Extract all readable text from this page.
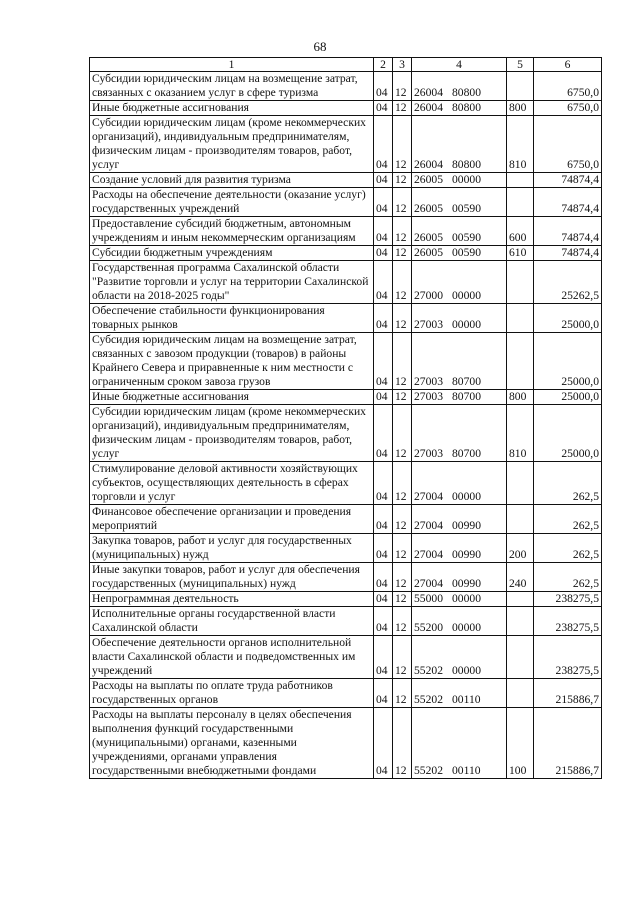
68
1	2	3	4	5	6
Субсидии юридическим лицам на возмещение затрат, связанных с оказанием услуг в сфере туризма	04	12	26004 80800		6750,0
Иные бюджетные ассигнования	04	12	26004 80800	800	6750,0
Субсидии юридическим лицам (кроме некоммерческих организаций), индивидуальным предпринимателям, физическим лицам - производителям товаров, работ, услуг	04	12	26004 80800	810	6750,0
Создание условий для развития туризма	04	12	26005 00000		74874,4
Расходы на обеспечение деятельности (оказание услуг) государственных учреждений	04	12	26005 00590		74874,4
Предоставление субсидий бюджетным, автономным учреждениям и иным некоммерческим организациям	04	12	26005 00590	600	74874,4
Субсидии бюджетным учреждениям	04	12	26005 00590	610	74874,4
Государственная программа Сахалинской области "Развитие торговли и услуг на территории Сахалинской области на 2018-2025 годы"	04	12	27000 00000		25262,5
Обеспечение стабильности функционирования товарных рынков	04	12	27003 00000		25000,0
Субсидия юридическим лицам на возмещение затрат, связанных с завозом продукции (товаров) в районы Крайнего Севера и приравненные к ним местности с ограниченным сроком завоза грузов	04	12	27003 80700		25000,0
Иные бюджетные ассигнования	04	12	27003 80700	800	25000,0
Субсидии юридическим лицам (кроме некоммерческих организаций), индивидуальным предпринимателям, физическим лицам - производителям товаров, работ, услуг	04	12	27003 80700	810	25000,0
Стимулирование деловой активности хозяйствующих субъектов, осуществляющих деятельность в сферах торговли и услуг	04	12	27004 00000		262,5
Финансовое обеспечение организации и проведения мероприятий	04	12	27004 00990		262,5
Закупка товаров, работ и услуг для государственных (муниципальных) нужд	04	12	27004 00990	200	262,5
Иные закупки товаров, работ и услуг для обеспечения государственных (муниципальных) нужд	04	12	27004 00990	240	262,5
Непрограммная деятельность	04	12	55000 00000		238275,5
Исполнительные органы государственной власти Сахалинской области	04	12	55200 00000		238275,5
Обеспечение деятельности органов исполнительной власти Сахалинской области и подведомственных им учреждений	04	12	55202 00000		238275,5
Расходы на выплаты по оплате труда работников государственных органов	04	12	55202 00110		215886,7
Расходы на выплаты персоналу в целях обеспечения выполнения функций государственными (муниципальными) органами, казенными учреждениями, органами управления государственными внебюджетными фондами	04	12	55202 00110	100	215886,7
